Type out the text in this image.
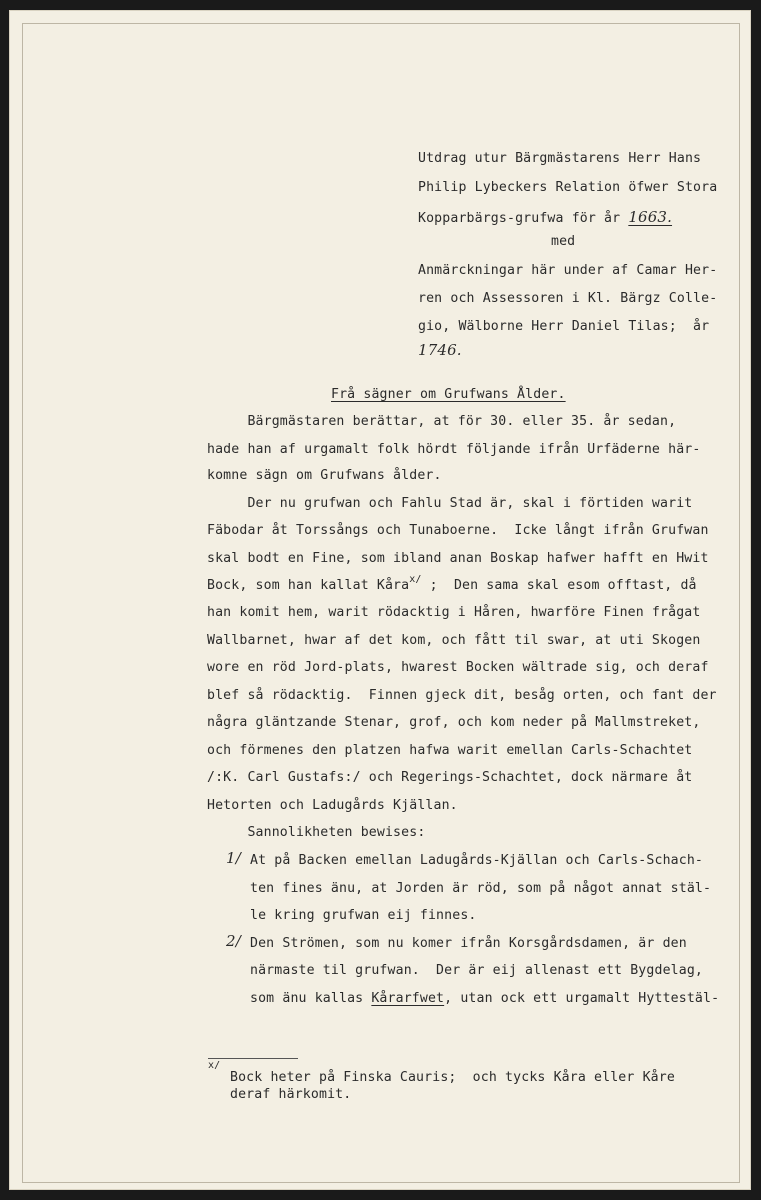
Utdrag utur Bärgmästarens Herr Hans
Philip Lybeckers Relation öfwer Stora
Kopparbärgs-grufwa för år 1663.
med
Anmärckningar här under af Camar Her-
ren och Assessoren i Kl. Bärgz Colle-
gio, Wälborne Herr Daniel Tilas;  år
1746.
Frå sägner om Grufwans Ålder.
Bärgmästaren berättar, at för 30. eller 35. år sedan,
hade han af urgamalt folk hördt följande ifrån Urfäderne här-
komne sägn om Grufwans ålder.
Der nu grufwan och Fahlu Stad är, skal i förtiden warit
Fäbodar åt Torssångs och Tunaboerne.  Icke långt ifrån Grufwan
skal bodt en Fine, som ibland anan Boskap hafwer hafft en Hwit
Bock, som han kallat Kåra$^{x/}$ ;  Den sama skal esom offtast, då
han komit hem, warit rödacktig i Håren, hwarföre Finen frågat
Wallbarnet, hwar af det kom, och fått til swar, at uti Skogen
wore en röd Jord-plats, hwarest Bocken wältrade sig, och deraf
blef så rödacktig.  Finnen gjeck dit, besåg orten, och fant der
några gläntzande Stenar, grof, och kom neder på Mallmstreket,
och förmenes den platzen hafwa warit emellan Carls-Schachtet
/:K. Carl Gustafs:/ och Regerings-Schachtet, dock närmare åt
Hetorten och Ladugårds Kjällan.
Sannolikheten bewises:
1/ At på Backen emellan Ladugårds-Kjällan och Carls-Schach-
ten fines änu, at Jorden är röd, som på något annat stäl-
le kring grufwan eij finnes.
2/ Den Strömen, som nu komer ifrån Korsgårdsdamen, är den
närmaste til grufwan.  Der är eij allenast ett Bygdelag,
som änu kallas Kårarfwet, utan ock ett urgamalt Hyttestäl-
x/
Bock heter på Finska Cauris;  och tycks Kåra eller Kåre
deraf härkomit.
